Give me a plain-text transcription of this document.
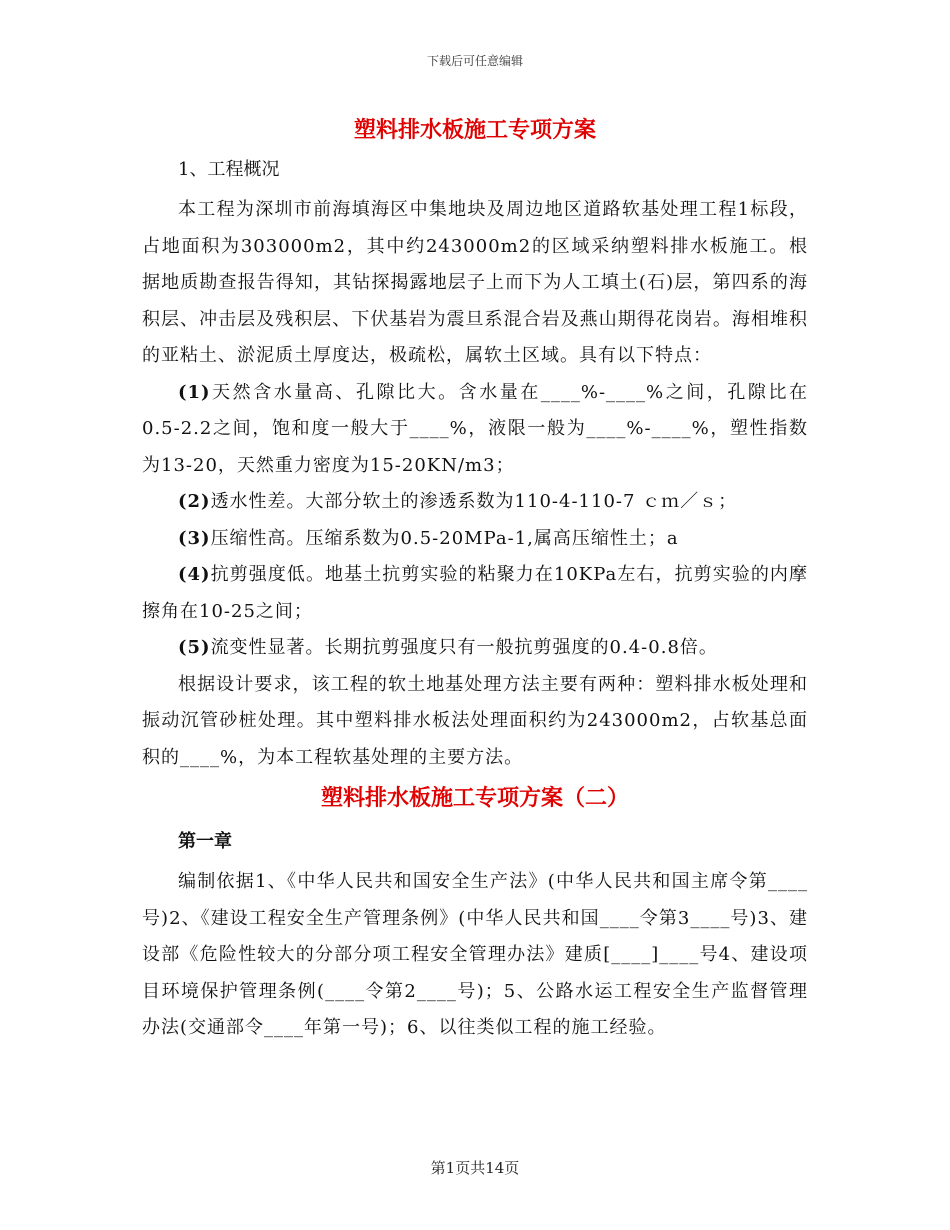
下载后可任意编辑
塑料排水板施工专项方案

1、工程概况

本工程为深圳市前海填海区中集地块及周边地区道路软基处理工程1标段，占地面积为303000m2，其中约243000m2的区域采纳塑料排水板施工。根据地质勘查报告得知，其钻探揭露地层子上而下为人工填土(石)层，第四系的海积层、冲击层及残积层、下伏基岩为震旦系混合岩及燕山期得花岗岩。海相堆积的亚粘土、淤泥质土厚度达，极疏松，属软土区域。具有以下特点：

(1)天然含水量高、孔隙比大。含水量在____%-____%之间，孔隙比在0.5-2.2之间，饱和度一般大于____%，液限一般为____%-____%，塑性指数为13-20，天然重力密度为15-20KN/m3；

(2)透水性差。大部分软土的渗透系数为110-4-110-7 ｃｍ／ｓ；

(3)压缩性高。压缩系数为0.5-20MPa-1,属高压缩性土；a

(4)抗剪强度低。地基土抗剪实验的粘聚力在10KPa左右，抗剪实验的内摩擦角在10-25之间；

(5)流变性显著。长期抗剪强度只有一般抗剪强度的0.4-0.8倍。

根据设计要求，该工程的软土地基处理方法主要有两种：塑料排水板处理和振动沉管砂桩处理。其中塑料排水板法处理面积约为243000m2，占软基总面积的____%，为本工程软基处理的主要方法。

塑料排水板施工专项方案（二）

第一章

编制依据1、《中华人民共和国安全生产法》(中华人民共和国主席令第____号)2、《建设工程安全生产管理条例》(中华人民共和国____令第3____号)3、建设部《危险性较大的分部分项工程安全管理办法》建质[____]____号4、建设项目环境保护管理条例(____令第2____号)；5、公路水运工程安全生产监督管理办法(交通部令____年第一号)；6、以往类似工程的施工经验。

第1页共14页
